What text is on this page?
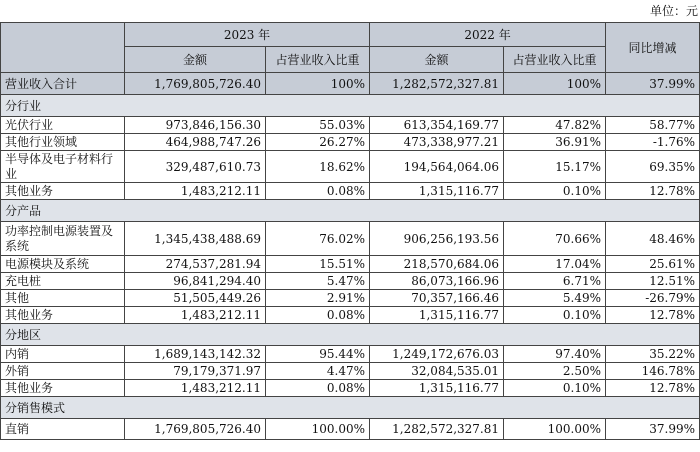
单位：元
	2023 年		2022 年		同比增减
	金额	占营业收入比重	金额	占营业收入比重	
营业收入合计	1,769,805,726.40	100%	1,282,572,327.81	100%	37.99%
分行业					
光伏行业	973,846,156.30	55.03%	613,354,169.77	47.82%	58.77%
其他行业领域	464,988,747.26	26.27%	473,338,977.21	36.91%	-1.76%
半导体及电子材料行业	329,487,610.73	18.62%	194,564,064.06	15.17%	69.35%
其他业务	1,483,212.11	0.08%	1,315,116.77	0.10%	12.78%
分产品					
功率控制电源装置及系统	1,345,438,488.69	76.02%	906,256,193.56	70.66%	48.46%
电源模块及系统	274,537,281.94	15.51%	218,570,684.06	17.04%	25.61%
充电桩	96,841,294.40	5.47%	86,073,166.96	6.71%	12.51%
其他	51,505,449.26	2.91%	70,357,166.46	5.49%	-26.79%
其他业务	1,483,212.11	0.08%	1,315,116.77	0.10%	12.78%
分地区					
内销	1,689,143,142.32	95.44%	1,249,172,676.03	97.40%	35.22%
外销	79,179,371.97	4.47%	32,084,535.01	2.50%	146.78%
其他业务	1,483,212.11	0.08%	1,315,116.77	0.10%	12.78%
分销售模式					
直销	1,769,805,726.40	100.00%	1,282,572,327.81	100.00%	37.99%
